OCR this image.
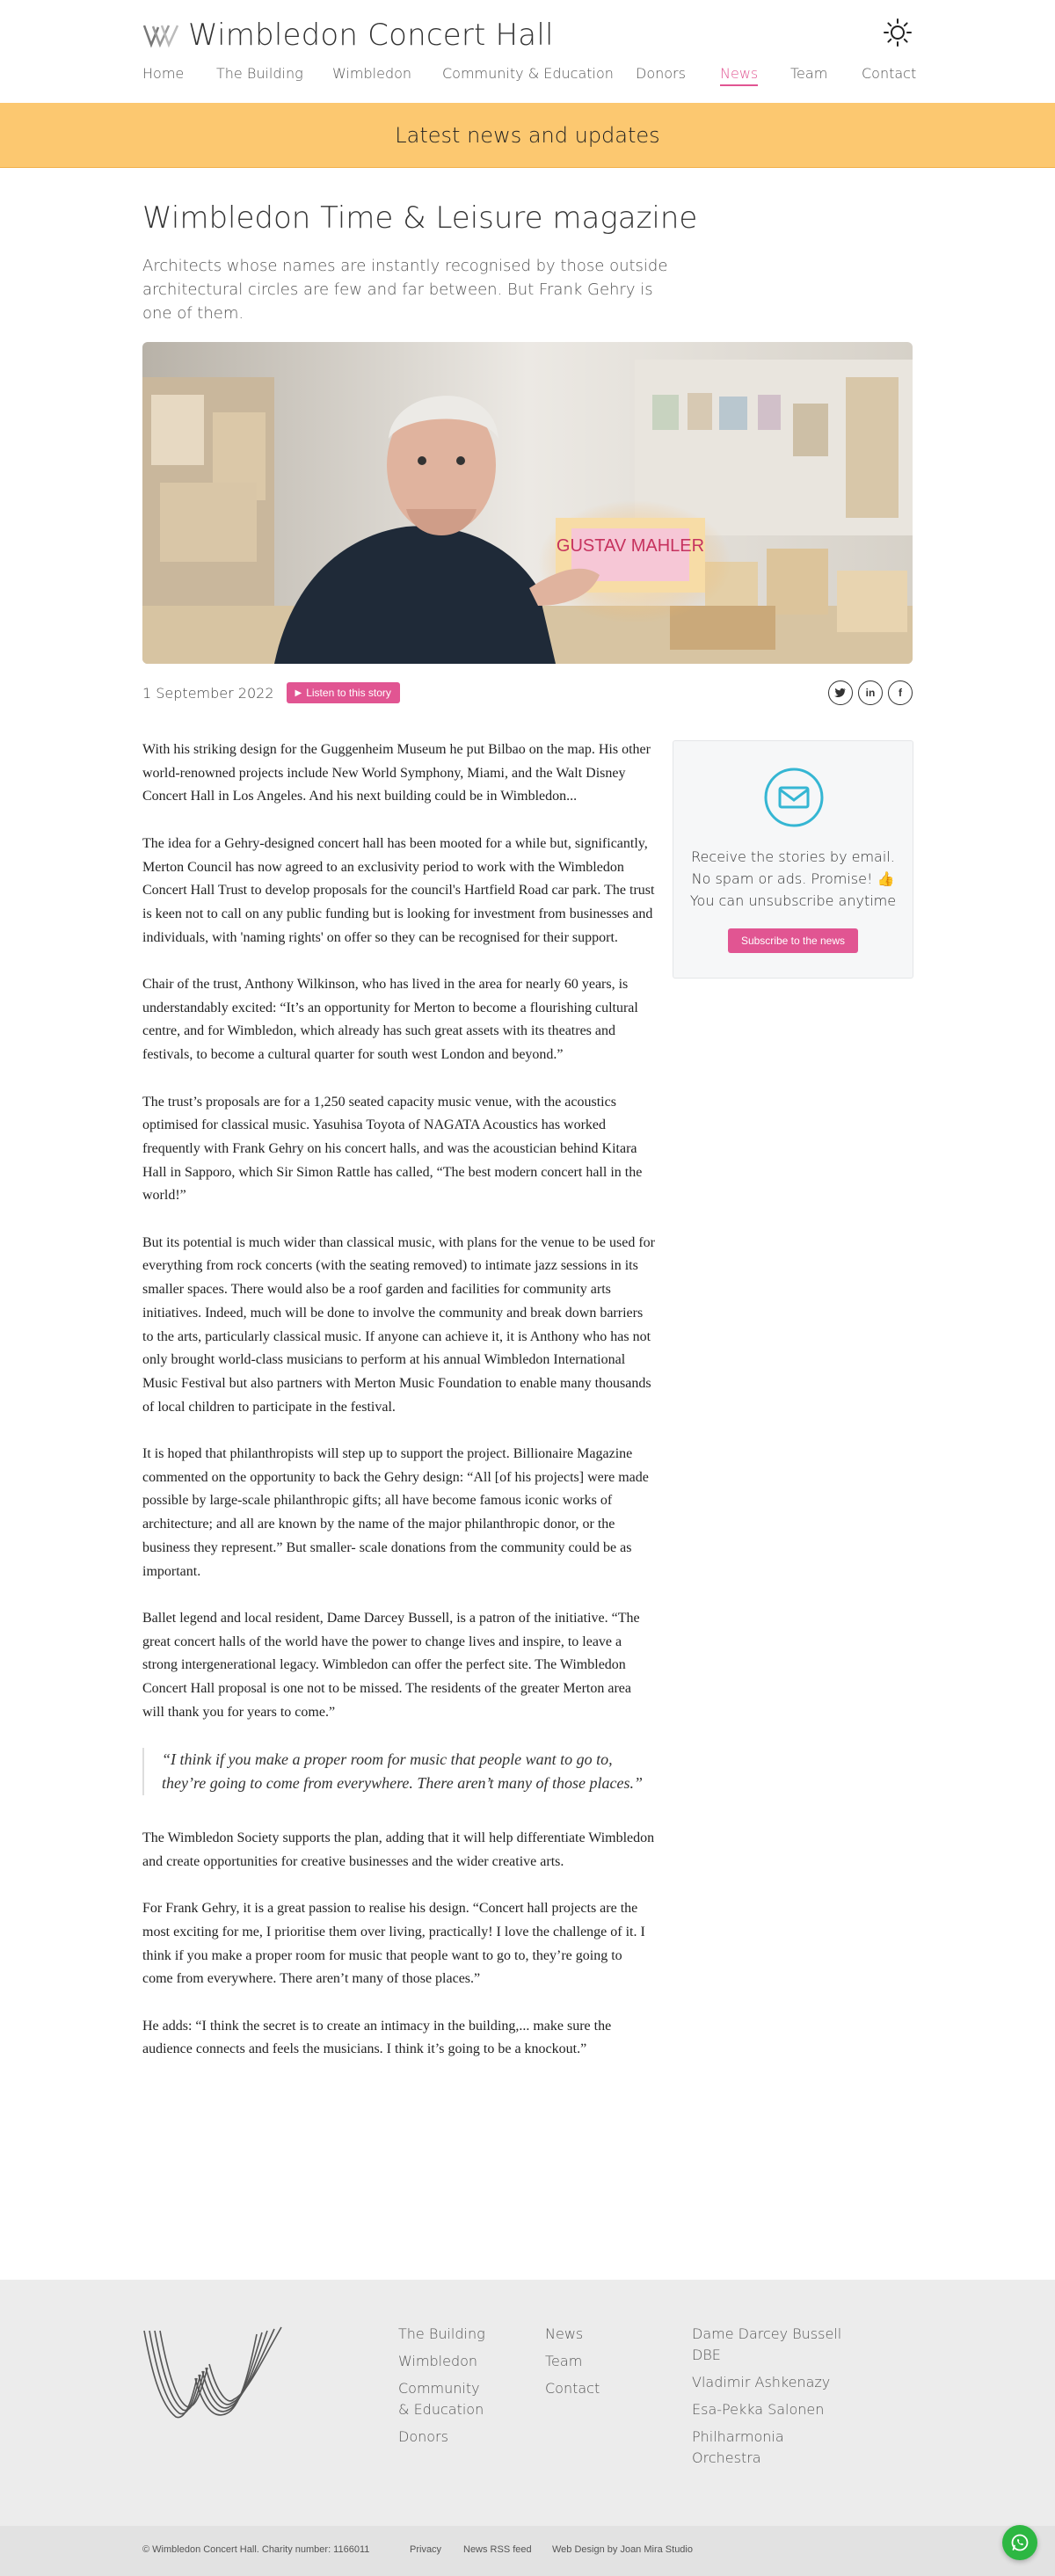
Wimbledon Concert Hall
Home The Building Wimbledon Community & Education Donors News Team Contact
Latest news and updates
Wimbledon Time & Leisure magazine

Architects whose names are instantly recognised by those outside architectural circles are few and far between. But Frank Gehry is one of them.

GUSTAV MAHLER
1 September 2022 ▶ Listen to this story	in	f

With his striking design for the Guggenheim Museum he put Bilbao on the map. His other world-renowned projects include New World Symphony, Miami, and the Walt Disney Concert Hall in Los Angeles. And his next building could be in Wimbledon...

The idea for a Gehry-designed concert hall has been mooted for a while but, significantly, Merton Council has now agreed to an exclusivity period to work with the Wimbledon Concert Hall Trust to develop proposals for the council's Hartfield Road car park. The trust is keen not to call on any public funding but is looking for investment from businesses and individuals, with 'naming rights' on offer so they can be recognised for their support.

Chair of the trust, Anthony Wilkinson, who has lived in the area for nearly 60 years, is understandably excited: “It’s an opportunity for Merton to become a flourishing cultural centre, and for Wimbledon, which already has such great assets with its theatres and festivals, to become a cultural quarter for south west London and beyond.”

The trust’s proposals are for a 1,250 seated capacity music venue, with the acoustics optimised for classical music. Yasuhisa Toyota of NAGATA Acoustics has worked frequently with Frank Gehry on his concert halls, and was the acoustician behind Kitara Hall in Sapporo, which Sir Simon Rattle has called, “The best modern concert hall in the world!”

But its potential is much wider than classical music, with plans for the venue to be used for everything from rock concerts (with the seating removed) to intimate jazz sessions in its smaller spaces. There would also be a roof garden and facilities for community arts initiatives. Indeed, much will be done to involve the community and break down barriers to the arts, particularly classical music. If anyone can achieve it, it is Anthony who has not only brought world-class musicians to perform at his annual Wimbledon International Music Festival but also partners with Merton Music Foundation to enable many thousands of local children to participate in the festival.

It is hoped that philanthropists will step up to support the project. Billionaire Magazine commented on the opportunity to back the Gehry design: “All [of his projects] were made possible by large-scale philanthropic gifts; all have become famous iconic works of architecture; and all are known by the name of the major philanthropic donor, or the business they represent.” But smaller- scale donations from the community could be as important.

Ballet legend and local resident, Dame Darcey Bussell, is a patron of the initiative. “The great concert halls of the world have the power to change lives and inspire, to leave a strong intergenerational legacy. Wimbledon can offer the perfect site. The Wimbledon Concert Hall proposal is one not to be missed. The residents of the greater Merton area will thank you for years to come.”

“I think if you make a proper room for music that people want to go to, they’re going to come from everywhere. There aren’t many of those places.”

The Wimbledon Society supports the plan, adding that it will help differentiate Wimbledon and create opportunities for creative businesses and the wider creative arts.

For Frank Gehry, it is a great passion to realise his design. “Concert hall projects are the most exciting for me, I prioritise them over living, practically! I love the challenge of it. I think if you make a proper room for music that people want to go to, they’re going to come from everywhere. There aren’t many of those places.”

He adds: “I think the secret is to create an intimacy in the building,... make sure the audience connects and feels the musicians. I think it’s going to be a knockout.”

Receive the stories by email.
No spam or ads. Promise! 👍
You can unsubscribe anytime
Subscribe to the news
The Building
Wimbledon
Community & Education
Donors
News
Team
Contact
Dame Darcey Bussell DBE
Vladimir Ashkenazy
Esa-Pekka Salonen
Philharmonia Orchestra
© Wimbledon Concert Hall. Charity number: 1166011	Privacy News RSS feed Web Design by Joan Mira Studio
